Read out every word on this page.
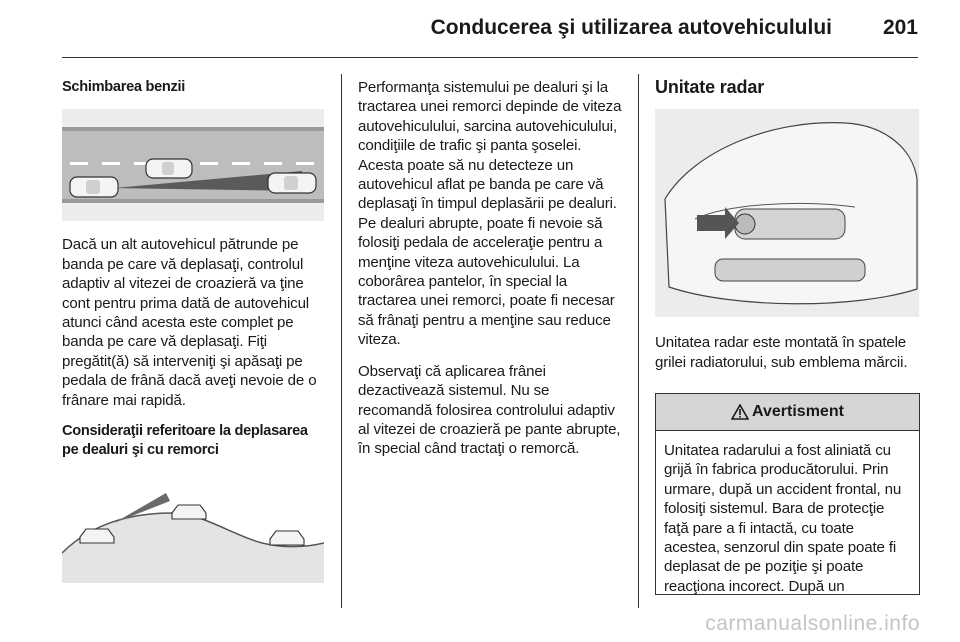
Conducerea şi utilizarea autovehiculului 201

Schimbarea benzii

Dacă un alt autovehicul pătrunde pe banda pe care vă deplasaţi, controlul adaptiv al vitezei de croazieră va ţine cont pentru prima dată de autovehicul atunci când acesta este complet pe banda pe care vă deplasaţi. Fiţi pregătit(ă) să interveniţi şi apăsaţi pe pedala de frână dacă aveţi nevoie de o frânare mai rapidă.

Consideraţii referitoare la deplasarea pe dealuri şi cu remorci

Performanţa sistemului pe dealuri şi la tractarea unei remorci depinde de viteza autovehiculului, sarcina autovehiculului, condiţiile de trafic şi panta şoselei. Acesta poate să nu detecteze un autovehicul aflat pe banda pe care vă deplasaţi în timpul deplasării pe dealuri. Pe dealuri abrupte, poate fi nevoie să folosiţi pedala de acceleraţie pentru a menţine viteza autovehiculului. La coborârea pantelor, în special la tractarea unei remorci, poate fi necesar să frânaţi pentru a menţine sau reduce viteza.

Observaţi că aplicarea frânei dezactivează sistemul. Nu se recomandă folosirea controlului adaptiv al vitezei de croazieră pe pante abrupte, în special când tractaţi o remorcă.

Unitate radar

Unitatea radar este montată în spatele grilei radiatorului, sub emblema mărcii.

Avertisment
Unitatea radarului a fost aliniată cu grijă în fabrica producătorului. Prin urmare, după un accident frontal, nu folosiţi sistemul. Bara de protecţie faţă pare a fi intactă, cu toate acestea, senzorul din spate poate fi deplasat de pe poziţie şi poate reacţiona incorect. După un
carmanualsonline.info
